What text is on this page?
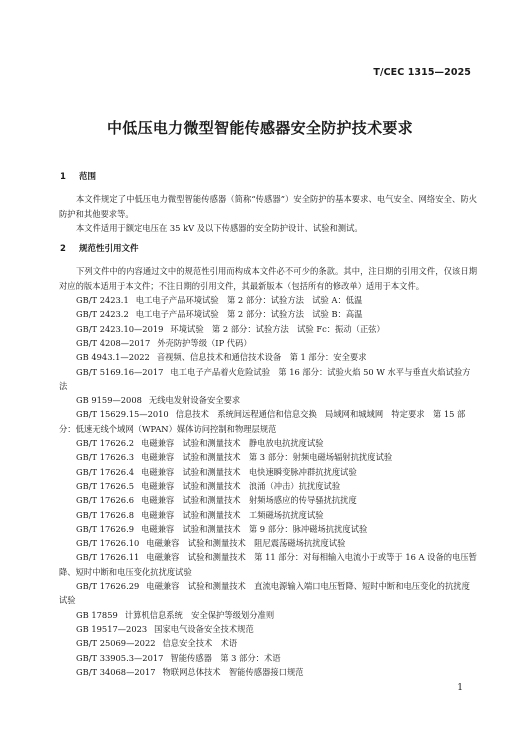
T/CEC 1315—2025
中低压电力微型智能传感器安全防护技术要求

1 范围

本文件规定了中低压电力微型智能传感器（简称“传感器”）安全防护的基本要求、电气安全、网络安全、防火防护和其他要求等。

本文件适用于额定电压在 35 kV 及以下传感器的安全防护设计、试验和测试。

2 规范性引用文件

下列文件中的内容通过文中的规范性引用而构成本文件必不可少的条款。其中，注日期的引用文件，仅该日期对应的版本适用于本文件；不注日期的引用文件，其最新版本（包括所有的修改单）适用于本文件。

GB/T 2423.1 电工电子产品环境试验　第 2 部分：试验方法　试验 A：低温
GB/T 2423.2 电工电子产品环境试验　第 2 部分：试验方法　试验 B：高温
GB/T 2423.10—2019 环境试验　第 2 部分：试验方法　试验 Fc：振动（正弦）
GB/T 4208—2017 外壳防护等级（IP 代码）
GB 4943.1—2022 音视频、信息技术和通信技术设备　第 1 部分：安全要求
GB/T 5169.16—2017 电工电子产品着火危险试验　第 16 部分：试验火焰 50 W 水平与垂直火焰试验方法
GB 9159—2008 无线电发射设备安全要求
GB/T 15629.15—2010 信息技术　系统间远程通信和信息交换　局域网和城域网　特定要求　第 15 部分：低速无线个域网（WPAN）媒体访问控制和物理层规范
GB/T 17626.2 电磁兼容　试验和测量技术　静电放电抗扰度试验
GB/T 17626.3 电磁兼容　试验和测量技术　第 3 部分：射频电磁场辐射抗扰度试验
GB/T 17626.4 电磁兼容　试验和测量技术　电快速瞬变脉冲群抗扰度试验
GB/T 17626.5 电磁兼容　试验和测量技术　浪涌（冲击）抗扰度试验
GB/T 17626.6 电磁兼容　试验和测量技术　射频场感应的传导骚扰抗扰度
GB/T 17626.8 电磁兼容　试验和测量技术　工频磁场抗扰度试验
GB/T 17626.9 电磁兼容　试验和测量技术　第 9 部分：脉冲磁场抗扰度试验
GB/T 17626.10 电磁兼容　试验和测量技术　阻尼震荡磁场抗扰度试验
GB/T 17626.11 电磁兼容　试验和测量技术　第 11 部分：对每相输入电流小于或等于 16 A 设备的电压暂降、短时中断和电压变化抗扰度试验
GB/T 17626.29 电磁兼容　试验和测量技术　直流电源输入端口电压暂降、短时中断和电压变化的抗扰度试验
GB 17859 计算机信息系统　安全保护等级划分准则
GB 19517—2023 国家电气设备安全技术规范
GB/T 25069—2022 信息安全技术　术语
GB/T 33905.3—2017 智能传感器　第 3 部分：术语
GB/T 34068—2017 物联网总体技术　智能传感器接口规范
1
